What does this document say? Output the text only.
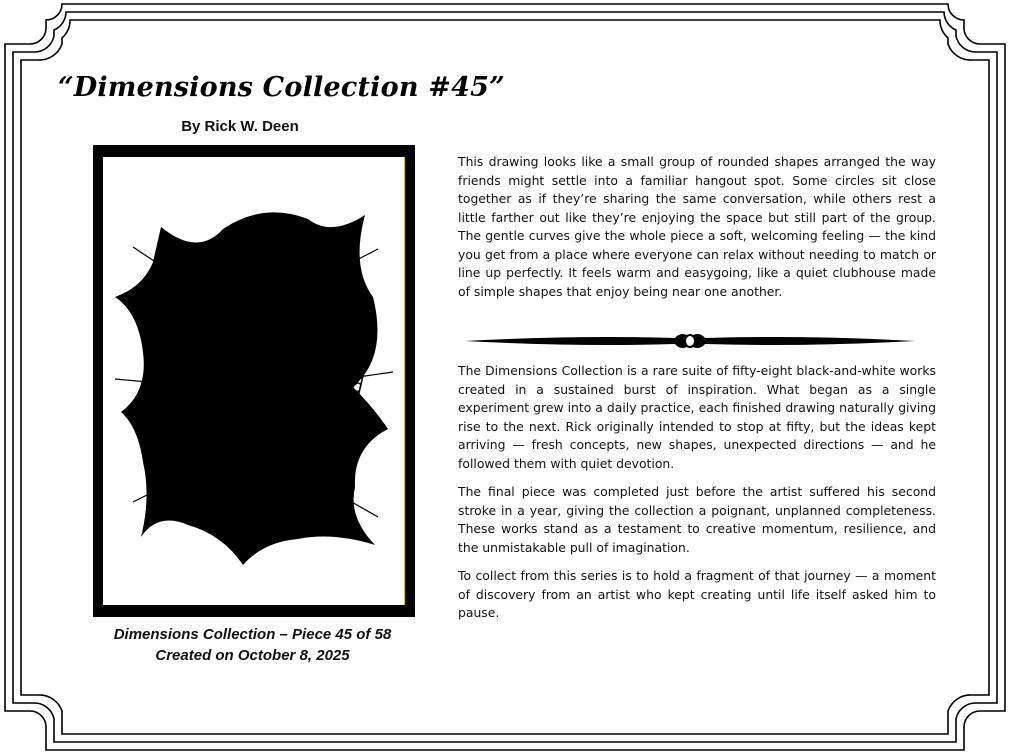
“Dimensions Collection #45”
By Rick W. Deen
RwD
RwDeen 10-8-25
Dimensions Collection – Piece 45 of 58
Created on October 8, 2025

This drawing looks like a small group of rounded shapes arranged the way friends might settle into a familiar hangout spot. Some circles sit close together as if they’re sharing the same conversation, while others rest a little farther out like they’re enjoying the space but still part of the group. The gentle curves give the whole piece a soft, welcoming feeling — the kind you get from a place where everyone can relax without needing to match or line up perfectly. It feels warm and easygoing, like a quiet clubhouse made of simple shapes that enjoy being near one another.

The Dimensions Collection is a rare suite of fifty-eight black-and-white works created in a sustained burst of inspiration. What began as a single experiment grew into a daily practice, each finished drawing naturally giving rise to the next. Rick originally intended to stop at fifty, but the ideas kept arriving — fresh concepts, new shapes, unexpected directions — and he followed them with quiet devotion.

The final piece was completed just before the artist suffered his second stroke in a year, giving the collection a poignant, unplanned completeness. These works stand as a testament to creative momentum, resilience, and the unmistakable pull of imagination.

To collect from this series is to hold a fragment of that journey — a moment of discovery from an artist who kept creating until life itself asked him to pause.
